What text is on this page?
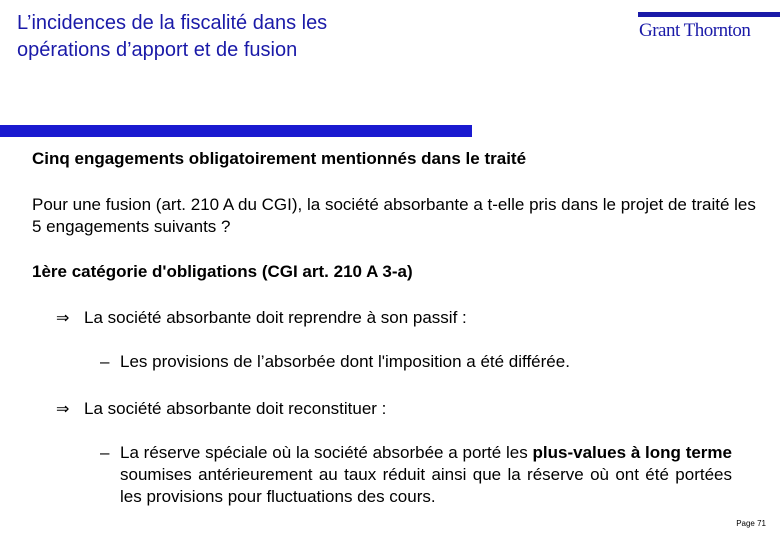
L’incidences de la fiscalité dans les
opérations d’apport et de fusion
Grant Thornton
Cinq engagements obligatoirement mentionnés dans le traité
Pour une fusion (art. 210 A du CGI), la société absorbante a t-elle pris dans le projet de traité les 5 engagements suivants ?
1ère catégorie d'obligations (CGI art. 210 A 3-a)
⇒ La société absorbante doit reprendre à son passif :
– Les provisions de l’absorbée dont l'imposition a été différée.
⇒ La société absorbante doit reconstituer :
– La réserve spéciale où la société absorbée a porté les plus-values à long terme soumises antérieurement au taux réduit ainsi que la réserve où ont été portées les provisions pour fluctuations des cours.
Page 71
